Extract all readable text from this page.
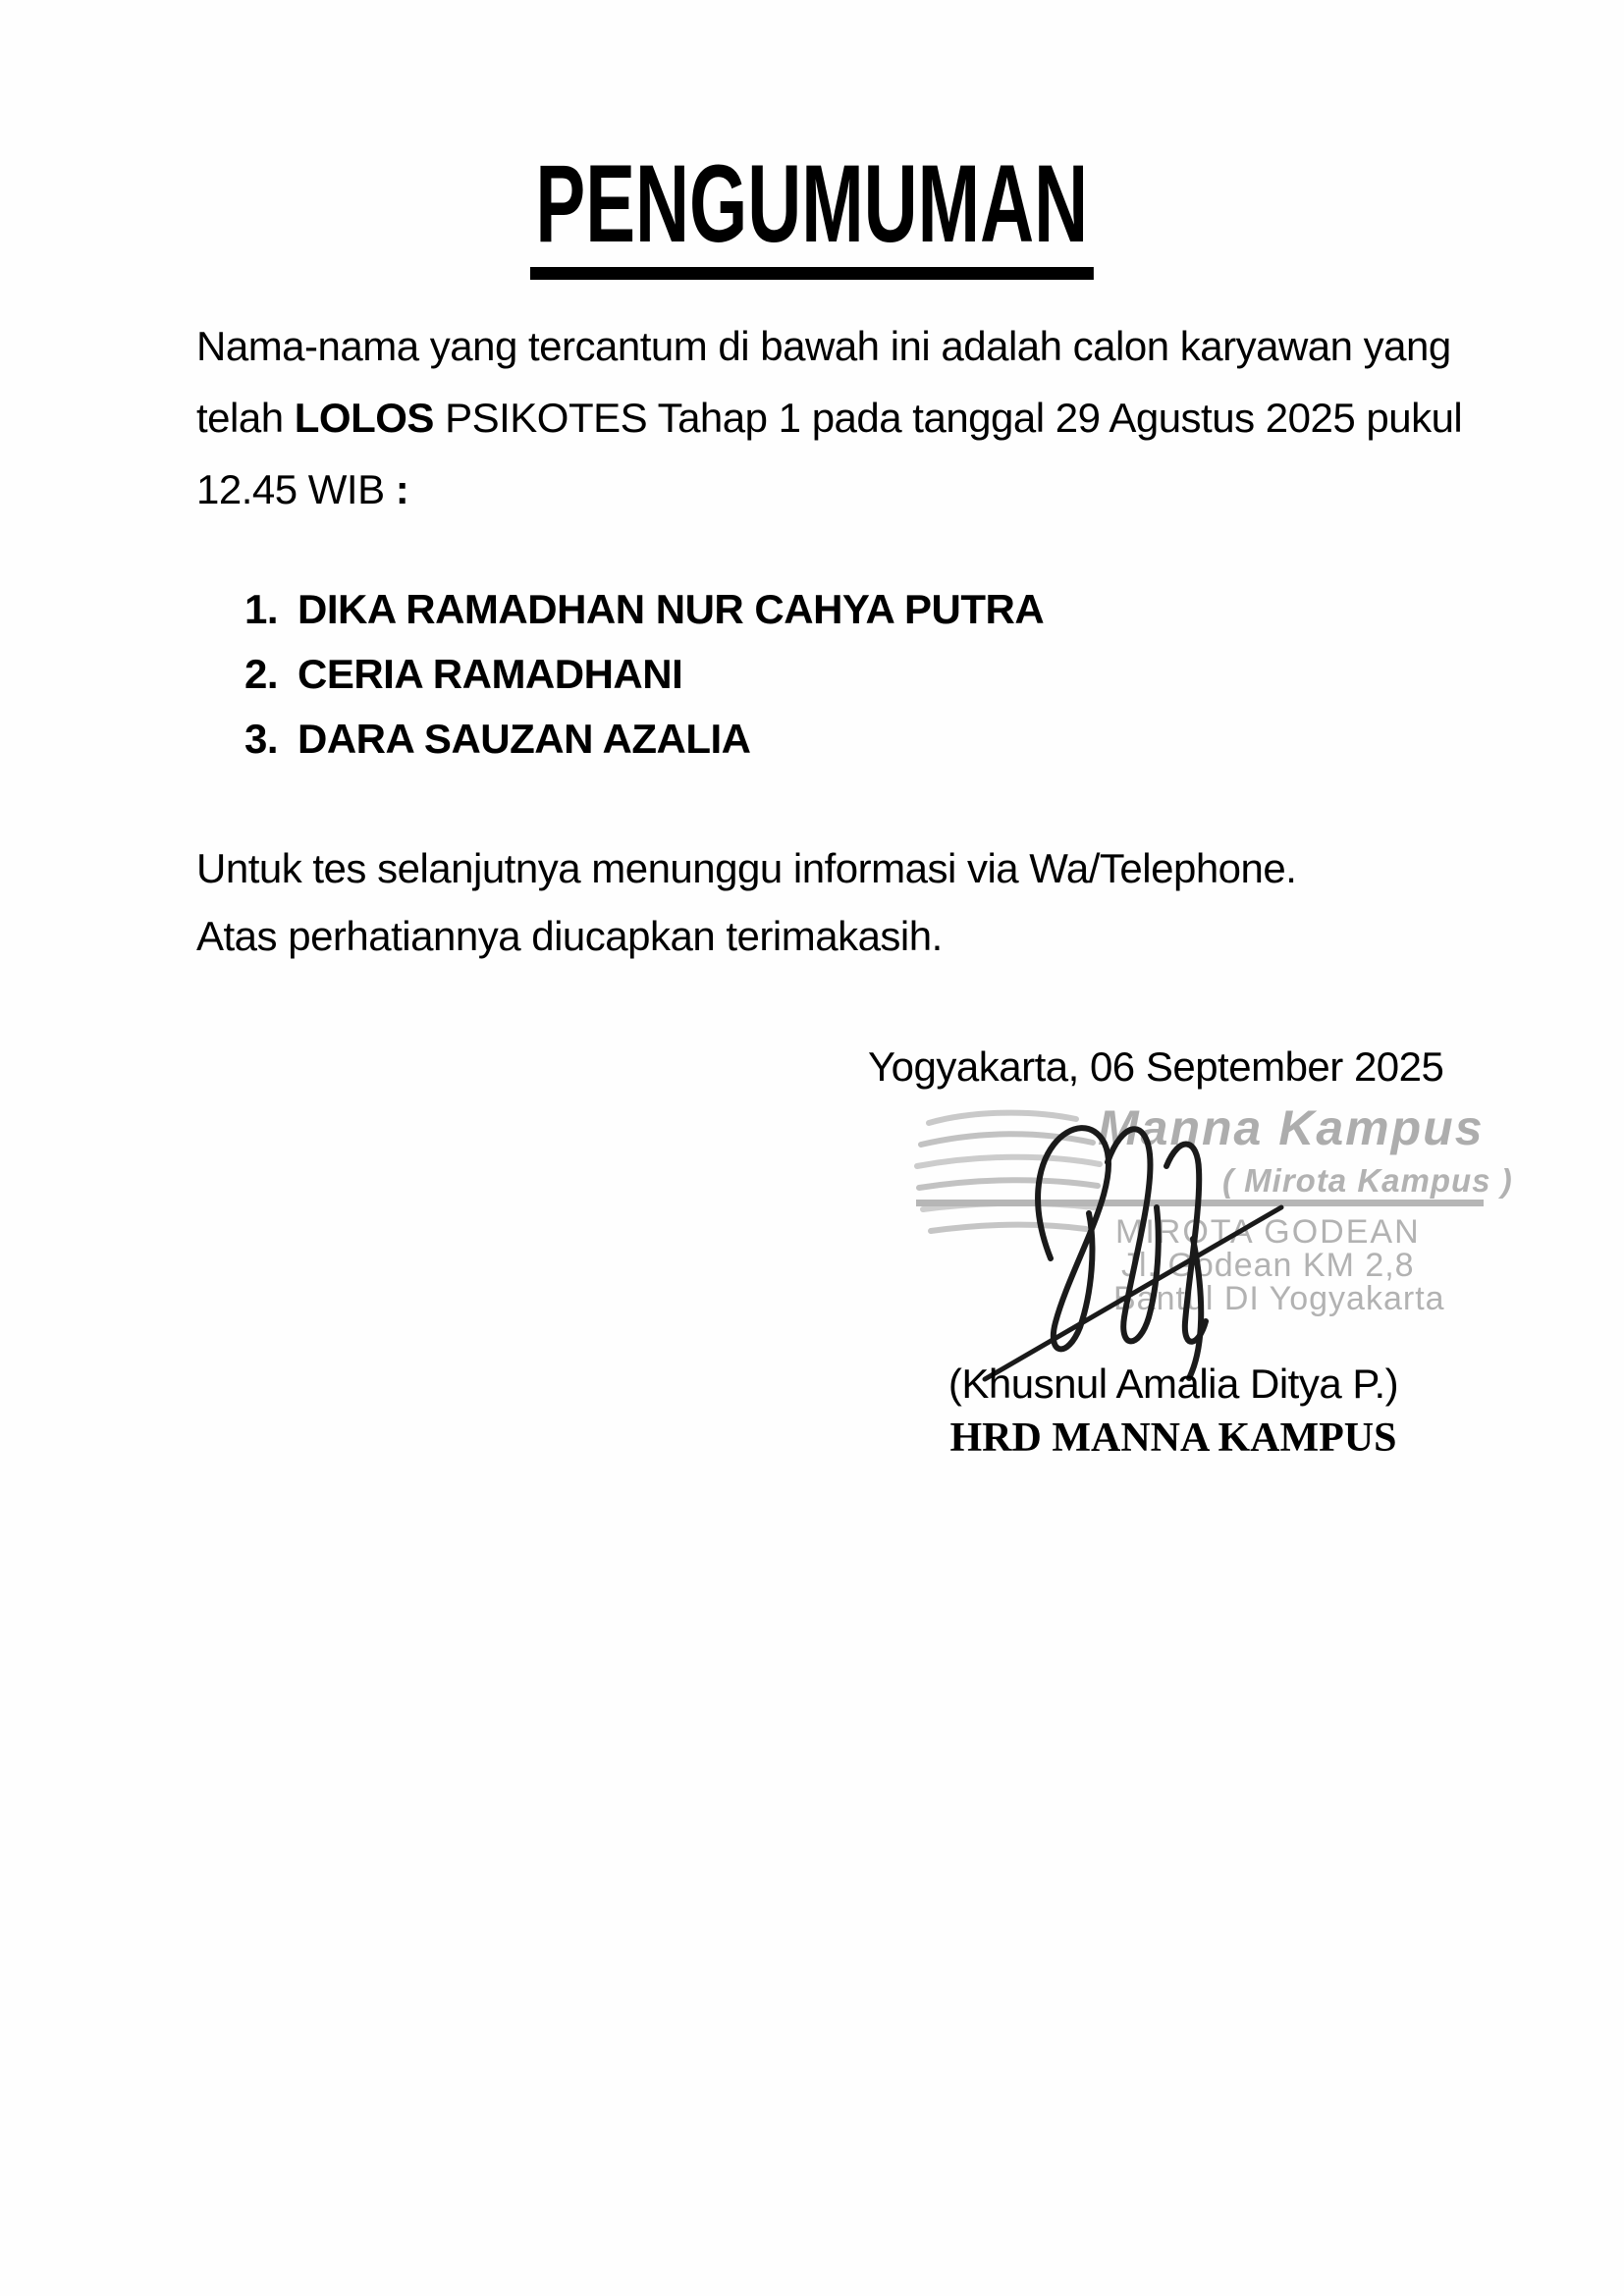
PENGUMUMAN
Nama-nama yang tercantum di bawah ini adalah calon karyawan yang
telah LOLOS PSIKOTES Tahap 1 pada tanggal 29 Agustus 2025 pukul
12.45 WIB :
1. DIKA RAMADHAN NUR CAHYA PUTRA
2. CERIA RAMADHANI
3. DARA SAUZAN AZALIA
Untuk tes selanjutnya menunggu informasi via Wa/Telephone.
Atas perhatiannya diucapkan terimakasih.
Yogyakarta, 06 September 2025
Manna Kampus
( Mirota Kampus )
MIROTA GODEAN
Jl. Godean KM 2,8
Bantul DI Yogyakarta
(Khusnul Amalia Ditya P.)
HRD MANNA KAMPUS
